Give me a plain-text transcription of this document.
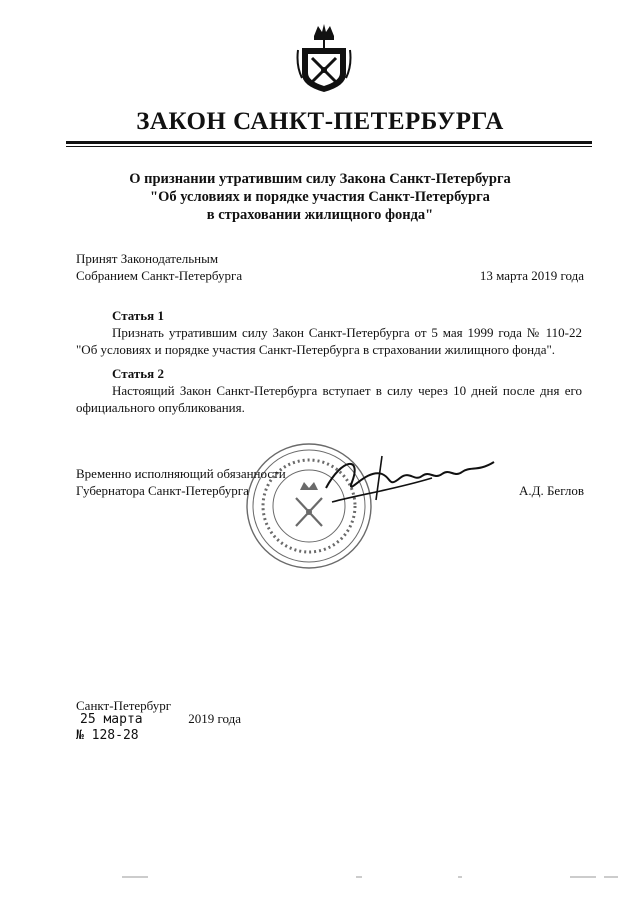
ЗАКОН САНКТ-ПЕТЕРБУРГА
О признании утратившим силу Закона Санкт-Петербурга
"Об условиях и порядке участия Санкт-Петербурга
в страховании жилищного фонда"
Принят Законодательным
Собранием Санкт-Петербурга	13 марта 2019 года
Статья 1
Признать утратившим силу Закон Санкт-Петербурга от 5 мая 1999 года № 110-22 "Об условиях и порядке участия Санкт-Петербурга в страховании жилищного фонда".
Статья 2
Настоящий Закон Санкт-Петербурга вступает в силу через 10 дней после дня его официального опубликования.
Временно исполняющий обязанности
Губернатора Санкт-Петербурга	А.Д. Беглов
Санкт-Петербург
25 марта	2019 года
№ 128-28
